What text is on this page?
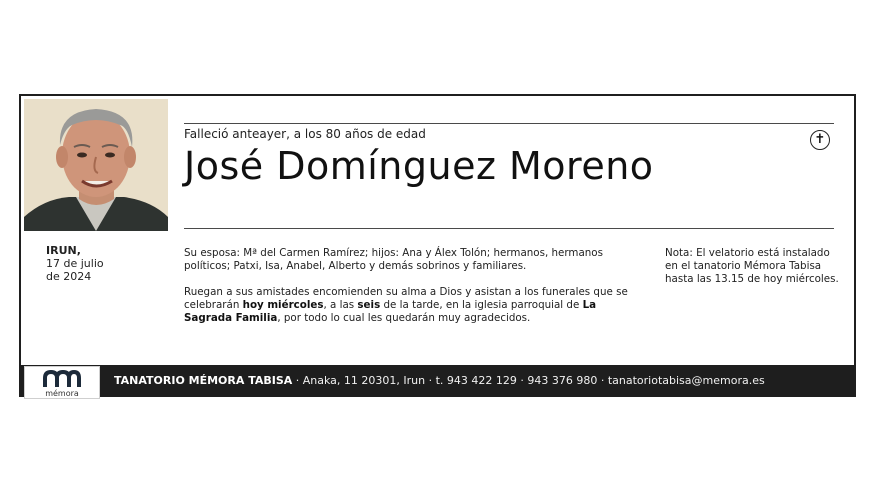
Falleció anteayer, a los 80 años de edad
José Domínguez Moreno
✝
IRUN,
17 de julio
de 2024

Su esposa: Mª del Carmen Ramírez; hijos: Ana y Álex Tolón; hermanos, hermanos políticos; Patxi, Isa, Anabel, Alberto y demás sobrinos y familiares.

Ruegan a sus amistades encomienden su alma a Dios y asistan a los funerales que se celebrarán hoy miércoles, a las seis de la tarde, en la iglesia parroquial de La Sagrada Familia, por todo lo cual les quedarán muy agradecidos.

Nota: El velatorio está instalado en el tanatorio Mémora Tabisa hasta las 13.15 de hoy miércoles.
mémora
TANATORIO MÉMORA TABISA · Anaka, 11 20301, Irun · t. 943 422 129 · 943 376 980 · tanatoriotabisa@memora.es
